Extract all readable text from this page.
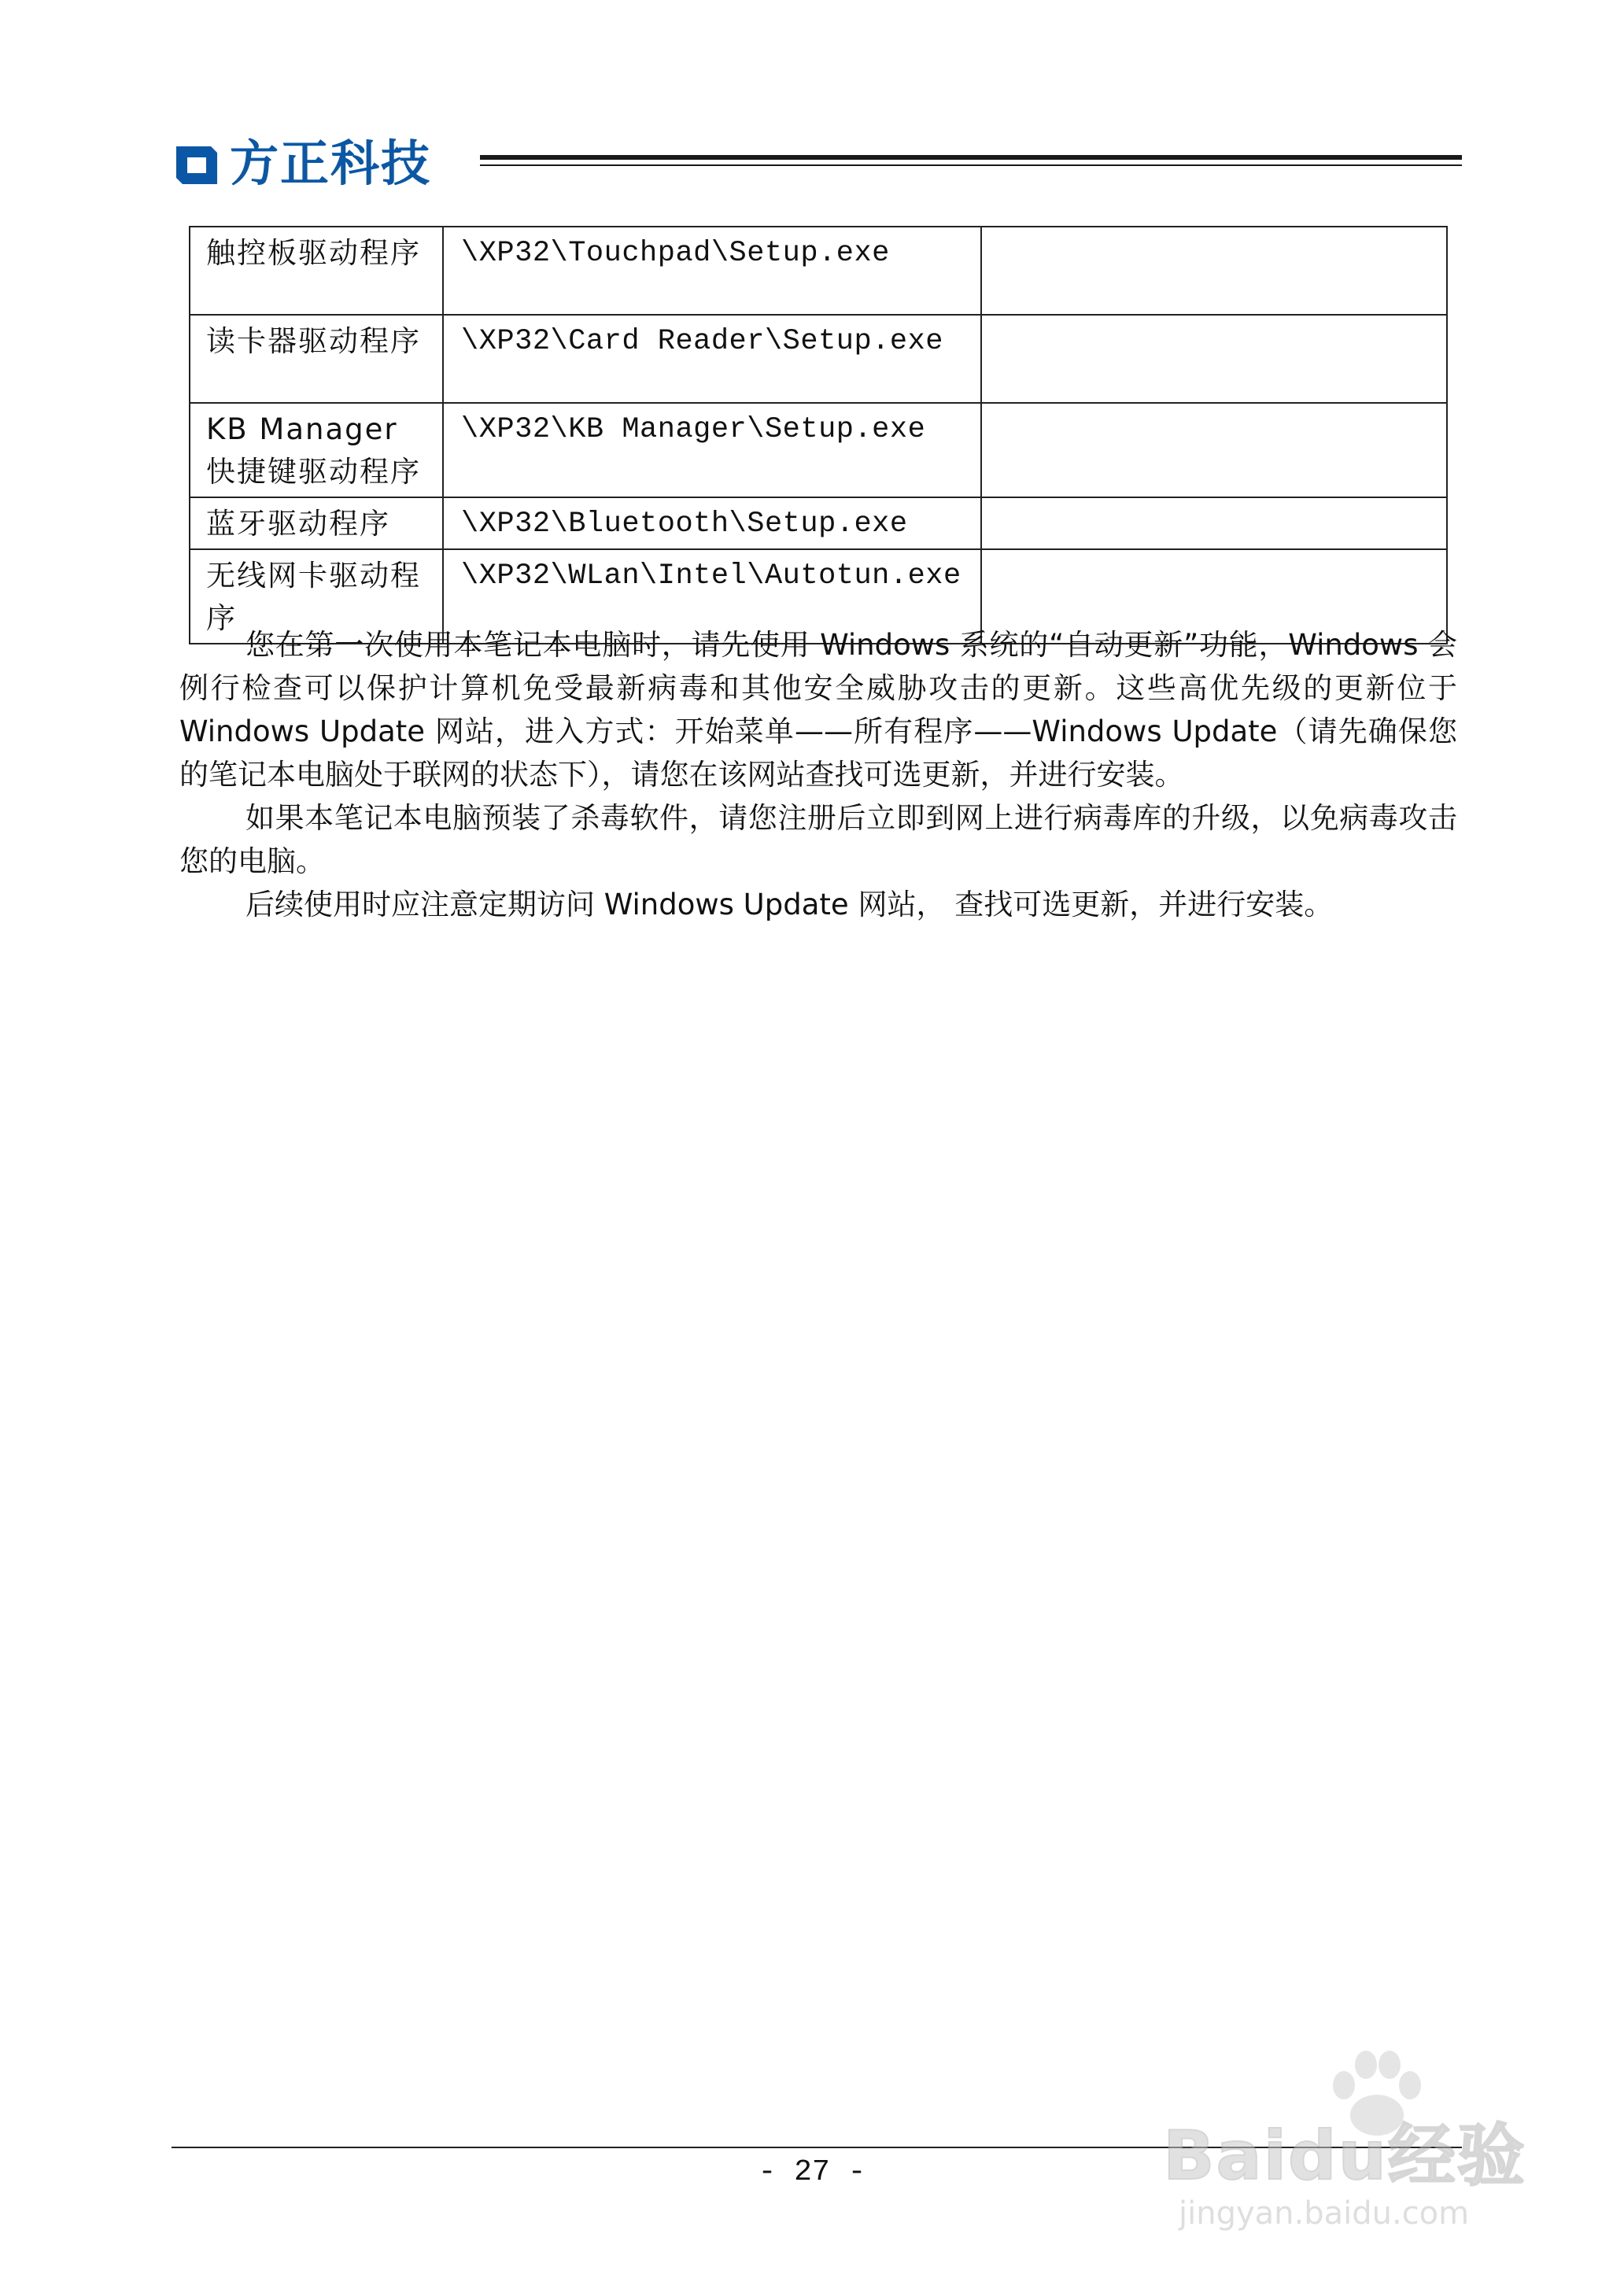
方正科技
触控板驱动程序	\XP32\Touchpad\Setup.exe	
读卡器驱动程序	\XP32\Card Reader\Setup.exe	
KB Manager 快捷键驱动程序	\XP32\KB Manager\Setup.exe	
蓝牙驱动程序	\XP32\Bluetooth\Setup.exe	
无线网卡驱动程序	\XP32\WLan\Intel\Autotun.exe	

您在第一次使用本笔记本电脑时，请先使用 Windows 系统的“自动更新”功能，Windows 会例行检查可以保护计算机免受最新病毒和其他安全威胁攻击的更新。这些高优先级的更新位于 Windows Update 网站，进入方式：开始菜单——所有程序——Windows Update（请先确保您的笔记本电脑处于联网的状态下），请您在该网站查找可选更新，并进行安装。

如果本笔记本电脑预装了杀毒软件，请您注册后立即到网上进行病毒库的升级，以免病毒攻击您的电脑。

后续使用时应注意定期访问 Windows Update 网站， 查找可选更新，并进行安装。

- 27 -	Baidu经验
jingyan.baidu.com
